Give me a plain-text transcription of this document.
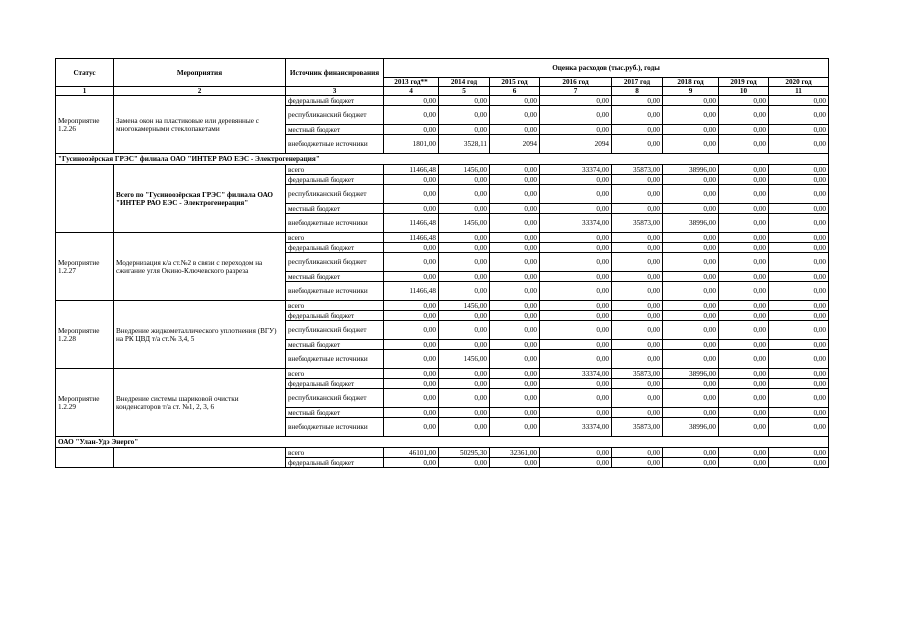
Статус	Мероприятия	Источник финансирования	Оценка расходов (тыс.руб.), годы							
			2013 год**	2014 год	2015 год	2016 год	2017 год	2018 год	2019 год	2020 год
1	2	3	4	5	6	7	8	9	10	11
Мероприятие 1.2.26	Замена окон на пластиковые или деревянные с многокамерными стеклопакетами	федеральный бюджет	0,00	0,00	0,00	0,00	0,00	0,00	0,00	0,00
		республиканский бюджет	0,00	0,00	0,00	0,00	0,00	0,00	0,00	0,00
		местный бюджет	0,00	0,00	0,00	0,00	0,00	0,00	0,00	0,00
		внебюджетные источники	1801,00	3528,11	2094	2094	0,00	0,00	0,00	0,00
"Гусиноозёрская ГРЭС" филиала ОАО "ИНТЕР РАО ЕЭС - Электрогенерация"										
	Всего по "Гусиноозёрская ГРЭС" филиала ОАО "ИНТЕР РАО ЕЭС - Электрогенерация"	всего	11466,48	1456,00	0,00	33374,00	35873,00	38996,00	0,00	0,00
		федеральный бюджет	0,00	0,00	0,00	0,00	0,00	0,00	0,00	0,00
		республиканский бюджет	0,00	0,00	0,00	0,00	0,00	0,00	0,00	0,00
		местный бюджет	0,00	0,00	0,00	0,00	0,00	0,00	0,00	0,00
		внебюджетные источники	11466,48	1456,00	0,00	33374,00	35873,00	38996,00	0,00	0,00
Мероприятие 1.2.27	Модернизация к/а ст.№2 в связи с переходом на сжигание угля Окино-Ключевского разреза	всего	11466,48	0,00	0,00	0,00	0,00	0,00	0,00	0,00
		федеральный бюджет	0,00	0,00	0,00	0,00	0,00	0,00	0,00	0,00
		республиканский бюджет	0,00	0,00	0,00	0,00	0,00	0,00	0,00	0,00
		местный бюджет	0,00	0,00	0,00	0,00	0,00	0,00	0,00	0,00
		внебюджетные источники	11466,48	0,00	0,00	0,00	0,00	0,00	0,00	0,00
Мероприятие 1.2.28	Внедрение жидкометаллического уплотнения (ВГУ) на РК ЦВД т/а ст.№ 3,4, 5	всего	0,00	1456,00	0,00	0,00	0,00	0,00	0,00	0,00
		федеральный бюджет	0,00	0,00	0,00	0,00	0,00	0,00	0,00	0,00
		республиканский бюджет	0,00	0,00	0,00	0,00	0,00	0,00	0,00	0,00
		местный бюджет	0,00	0,00	0,00	0,00	0,00	0,00	0,00	0,00
		внебюджетные источники	0,00	1456,00	0,00	0,00	0,00	0,00	0,00	0,00
Мероприятие 1.2.29	Внедрение системы шариковой очистки конденсаторов т/а ст. №1, 2, 3, 6	всего	0,00	0,00	0,00	33374,00	35873,00	38996,00	0,00	0,00
		федеральный бюджет	0,00	0,00	0,00	0,00	0,00	0,00	0,00	0,00
		республиканский бюджет	0,00	0,00	0,00	0,00	0,00	0,00	0,00	0,00
		местный бюджет	0,00	0,00	0,00	0,00	0,00	0,00	0,00	0,00
		внебюджетные источники	0,00	0,00	0,00	33374,00	35873,00	38996,00	0,00	0,00
ОАО "Улан-Удэ Энерго"										
		всего	46101,00	50295,30	32361,00	0,00	0,00	0,00	0,00	0,00
		федеральный бюджет	0,00	0,00	0,00	0,00	0,00	0,00	0,00	0,00
